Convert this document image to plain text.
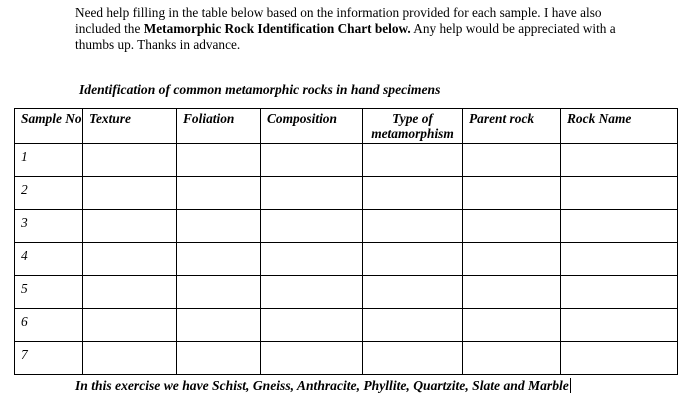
Need help filling in the table below based on the information provided for each sample. I have also included the Metamorphic Rock Identification Chart below. Any help would be appreciated with a thumbs up. Thanks in advance.
Identification of common metamorphic rocks in hand specimens
Sample No	Texture	Foliation	Composition	Type of metamorphism	Parent rock	Rock Name
1						
2						
3						
4						
5						
6						
7						
In this exercise we have Schist, Gneiss, Anthracite, Phyllite, Quartzite, Slate and Marble
